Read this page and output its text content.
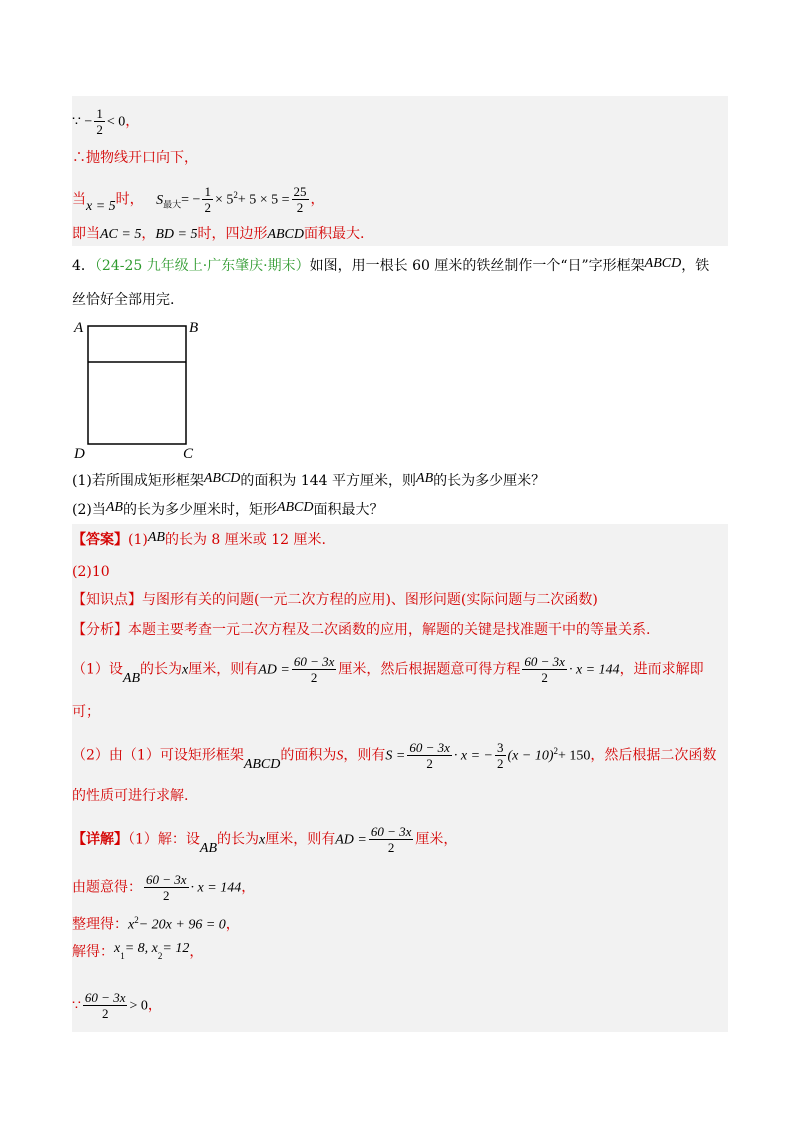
∵ − $\frac{1}{2} < 0$，
∴抛物线开口向下，
当x = 5时， $S_{最大}= - \frac{1}{2} \times 5^2+ 5 \times 5 = \frac{25}{2}$ ，
即当AC = 5，BD = 5时，四边形ABCD面积最大.
4．（24-25 九年级上·广东肇庆·期末）如图，用一根长 60 厘米的铁丝制作一个“日”字形框架ABCD，铁
丝恰好全部用完.
A	B
D	C
(1)若所围成矩形框架ABCD的面积为 144 平方厘米，则AB的长为多少厘米？
(2)当AB的长为多少厘米时，矩形ABCD面积最大？
【答案】(1)AB的长为 8 厘米或 12 厘米.
(2)10
【知识点】与图形有关的问题(一元二次方程的应用)、图形问题(实际问题与二次函数)
【分析】本题主要考查一元二次方程及二次函数的应用，解题的关键是找准题干中的等量关系.
（1）设AB的长为x厘米，则有AD = $\frac{60 - 3x}{2}$ 厘米，然后根据题意可得方程 $\frac{60 - 3x}{2} \cdot x = 144$，进而求解即
可；
（2）由（1）可设矩形框架ABCD的面积为S，则有$S = \frac{60 - 3x}{2} \cdot x$ = − $\frac{3}{2} (x - 10)^2+ 150$，然后根据二次函数
的性质可进行求解.
【详解】（1）解：设AB的长为x厘米，则有AD = $\frac{60 - 3x}{2}$ 厘米，
由题意得： $\frac{60 - 3x}{2} \cdot x = 144$，
整理得：$x^2- 20x + 96 = 0$，
解得：$x_1= 8$, $x_2= 12$，
∵ $\frac{60 - 3x}{2} > 0$，
